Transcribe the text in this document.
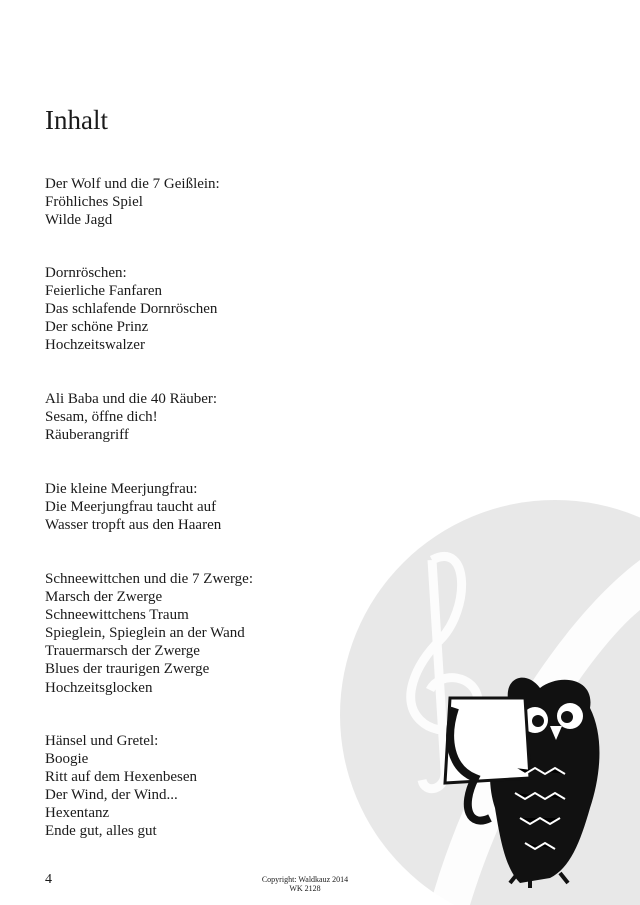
Inhalt
Der Wolf und die 7 Geißlein:
Fröhliches Spiel
Wilde Jagd
Dornröschen:
Feierliche Fanfaren
Das schlafende Dornröschen
Der schöne Prinz
Hochzeitswalzer
Ali Baba und die 40 Räuber:
Sesam, öffne dich!
Räuberangriff
Die kleine Meerjungfrau:
Die Meerjungfrau taucht auf
Wasser tropft aus den Haaren
Schneewittchen und die 7 Zwerge:
Marsch der Zwerge
Schneewittchens Traum
Spieglein, Spieglein an der Wand
Trauermarsch der Zwerge
Blues der traurigen Zwerge
Hochzeitsglocken
Hänsel und Gretel:
Boogie
Ritt auf dem Hexenbesen
Der Wind, der Wind...
Hexentanz
Ende gut, alles gut
4	Copyright: Waldkauz 2014
WK 2128
